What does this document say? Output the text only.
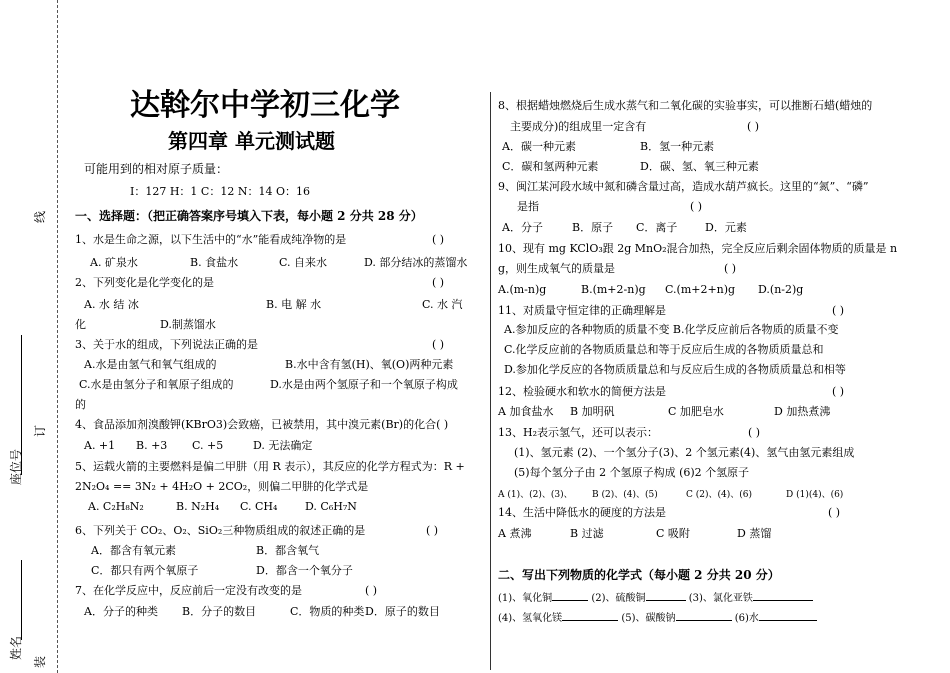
线
订
座位号
姓名
装
达斡尔中学初三化学
第四章 单元测试题
可能用到的相对原子质量：
I：127 H：1 C：12 N：14 O：16
一、选择题：（把正确答案序号填入下表，每小题 2 分共 28 分）
1、水是生命之源，以下生活中的“水”能看成纯净物的是	( )
A. 矿泉水	B. 食盐水	C. 自来水	D. 部分结冰的蒸馏水
2、下列变化是化学变化的是	( )
A. 水 结 冰	B. 电 解 水	C. 水 汽
化	D.制蒸馏水
3、关于水的组成，下列说法正确的是	( )
A.水是由氢气和氧气组成的	B.水中含有氢(H)、氧(O)两种元素
C.水是由氢分子和氧原子组成的	D.水是由两个氢原子和一个氧原子构成
的
4、食品添加剂溴酸钾(KBrO3)会致癌，已被禁用，其中溴元素(Br)的化合( )
A. +1 B. +3 C. +5	D. 无法确定
5、运载火箭的主要燃料是偏二甲肼（用 R 表示），其反应的化学方程式为：R +
2N₂O₄ == 3N₂ + 4H₂O + 2CO₂，则偏二甲肼的化学式是
A. C₂H₈N₂	B. N₂H₄ C. CH₄	D. C₆H₇N
6、下列关于 CO₂、O₂、SiO₂三种物质组成的叙述正确的是	( )
A．都含有氧元素	B．都含氧气
C．都只有两个氧原子	D．都含一个氧分子
7、在化学反应中，反应前后一定没有改变的是	( )
A．分子的种类 B．分子的数目	C．物质的种类 D．原子的数目
8、根据蜡烛燃烧后生成水蒸气和二氧化碳的实验事实，可以推断石蜡(蜡烛的
主要成分)的组成里一定含有	( )
A．碳一种元素	B．氢一种元素
C．碳和氢两种元素	D．碳、氢、氧三种元素
9、闽江某河段水域中氮和磷含量过高，造成水葫芦疯长。这里的“氮”、“磷”
是指	( )
A．分子	B．原子 C．离子	D．元素
10、现有 mg KClO₃跟 2g MnO₂混合加热，完全反应后剩余固体物质的质量是 n
g，则生成氧气的质量是	( )
A.(m-n)g	B.(m+2-n)g C.(m+2+n)g D.(n-2)g
11、对质量守恒定律的正确理解是	( )
A.参加反应的各种物质的质量不变 B.化学反应前后各物质的质量不变
C.化学反应前的各物质质量总和等于反应后生成的各物质质量总和
D.参加化学反应的各物质质量总和与反应后生成的各物质质量总和相等
12、检验硬水和软水的简便方法是	( )
A 加食盐水 B 加明矾	C 加肥皂水	D 加热煮沸
13、H₂表示氢气，还可以表示：	( )
(1)、氢元素 (2)、一个氢分子(3)、2 个氢元素(4)、氢气由氢元素组成
(5)每个氢分子由 2 个氢原子构成 (6)2 个氢原子
A (1)、(2)、(3)、 B (2)、(4)、(5)	C (2)、(4)、(6)	D (1)(4)、(6)
14、生活中降低水的硬度的方法是	( )
A 煮沸	B 过滤	C 吸附	D 蒸馏
二、写出下列物质的化学式（每小题 2 分共 20 分）
(1)、氧化铜	(2)、硫酸铜	(3)、氯化亚铁
(4)、氢氧化镁	(5)、碳酸钠	(6)水
